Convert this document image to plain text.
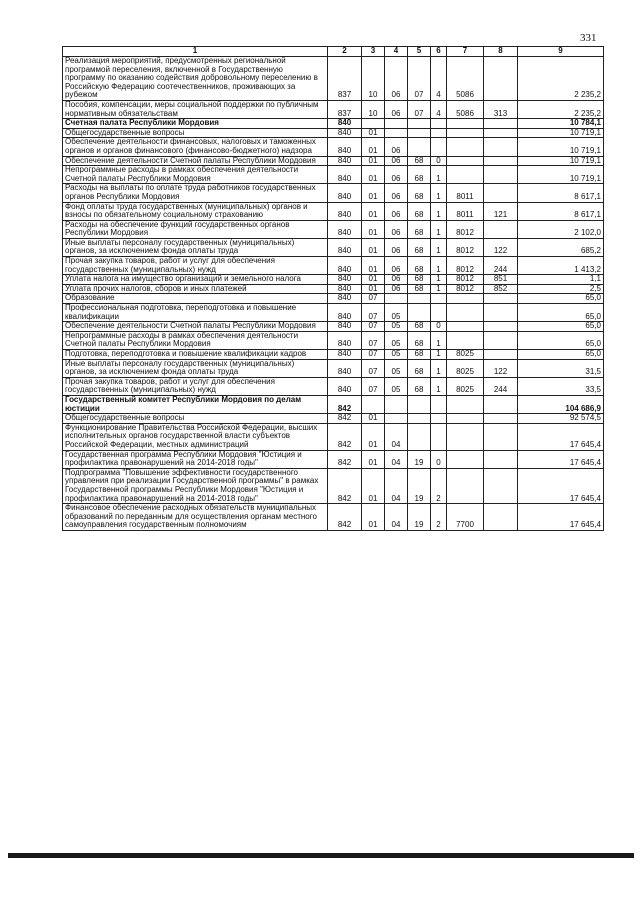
331
1	2	3	4	5	6	7	8	9
Реализация мероприятий, предусмотренных региональной программой переселения, включенной в Государственную программу по оказанию содействия добровольному переселению в Российскую Федерацию соотечественников, проживающих за рубежом	837	10	06	07	4	5086		2 235,2
Пособия, компенсации, меры социальной поддержки по публичным нормативным обязательствам	837	10	06	07	4	5086	313	2 235,2
Счетная палата Республики Мордовия	840							10 784,1
Общегосударственные вопросы	840	01						10 719,1
Обеспечение деятельности финансовых, налоговых и таможенных органов и органов финансового (финансово-бюджетного) надзора	840	01	06					10 719,1
Обеспечение деятельности Счетной палаты Республики Мордовия	840	01	06	68	0			10 719,1
Непрограммные расходы в рамках обеспечения деятельности Счетной палаты Республики Мордовия	840	01	06	68	1			10 719,1
Расходы на выплаты по оплате труда работников государственных органов Республики Мордовия	840	01	06	68	1	8011		8 617,1
Фонд оплаты труда государственных (муниципальных) органов и взносы по обязательному социальному страхованию	840	01	06	68	1	8011	121	8 617,1
Расходы на обеспечение функций государственных органов Республики Мордовия	840	01	06	68	1	8012		2 102,0
Иные выплаты персоналу государственных (муниципальных) органов, за исключением фонда оплаты труда	840	01	06	68	1	8012	122	685,2
Прочая закупка товаров, работ и услуг для обеспечения государственных (муниципальных) нужд	840	01	06	68	1	8012	244	1 413,2
Уплата налога на имущество организаций и земельного налога	840	01	06	68	1	8012	851	1,1
Уплата прочих налогов, сборов и иных платежей	840	01	06	68	1	8012	852	2,5
Образование	840	07						65,0
Профессиональная подготовка, переподготовка и повышение квалификации	840	07	05					65,0
Обеспечение деятельности Счетной палаты Республики Мордовия	840	07	05	68	0			65,0
Непрограммные расходы в рамках обеспечения деятельности Счетной палаты Республики Мордовия	840	07	05	68	1			65,0
Подготовка, переподготовка и повышение квалификации кадров	840	07	05	68	1	8025		65,0
Иные выплаты персоналу государственных (муниципальных) органов, за исключением фонда оплаты труда	840	07	05	68	1	8025	122	31,5
Прочая закупка товаров, работ и услуг для обеспечения государственных (муниципальных) нужд	840	07	05	68	1	8025	244	33,5
Государственный комитет Республики Мордовия по делам юстиции	842							104 686,9
Общегосударственные вопросы	842	01						92 574,5
Функционирование Правительства Российской Федерации, высших исполнительных органов государственной власти субъектов Российской Федерации, местных администраций	842	01	04					17 645,4
Государственная программа Республики Мордовия "Юстиция и профилактика правонарушений на 2014-2018 годы"	842	01	04	19	0			17 645,4
Подпрограмма "Повышение эффективности государственного управления при реализации Государственной программы" в рамках Государственной программы Республики Мордовия "Юстиция и профилактика правонарушений на 2014-2018 годы"	842	01	04	19	2			17 645,4
Финансовое обеспечение расходных обязательств муниципальных образований по переданным для осуществления органам местного самоуправления государственным полномочиям	842	01	04	19	2	7700		17 645,4
